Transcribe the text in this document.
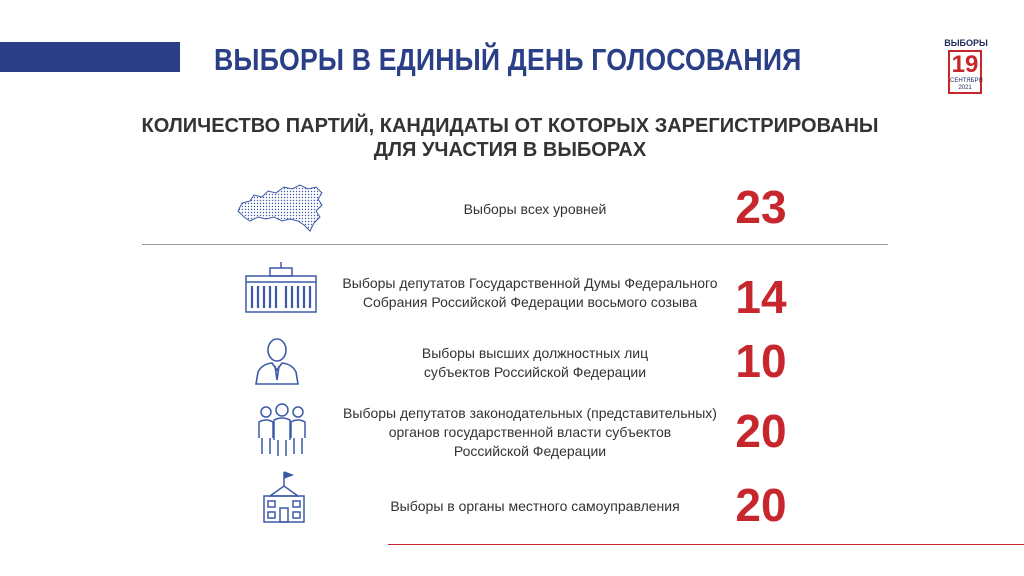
ВЫБОРЫ В ЕДИНЫЙ ДЕНЬ ГОЛОСОВАНИЯ	ВЫБОРЫ
19
СЕНТЯБРЯ
2021
КОЛИЧЕСТВО ПАРТИЙ, КАНДИДАТЫ ОТ КОТОРЫХ ЗАРЕГИСТРИРОВАНЫ
ДЛЯ УЧАСТИЯ В ВЫБОРАХ
Выборы всех уровней	23
Выборы депутатов Государственной Думы Федерального
Собрания Российской Федерации восьмого созыва 14
Выборы высших должностных лиц
субъектов Российской Федерации	10
Выборы депутатов законодательных (представительных)
органов государственной власти субъектов
Российской Федерации	20
Выборы в органы местного самоуправления	20
